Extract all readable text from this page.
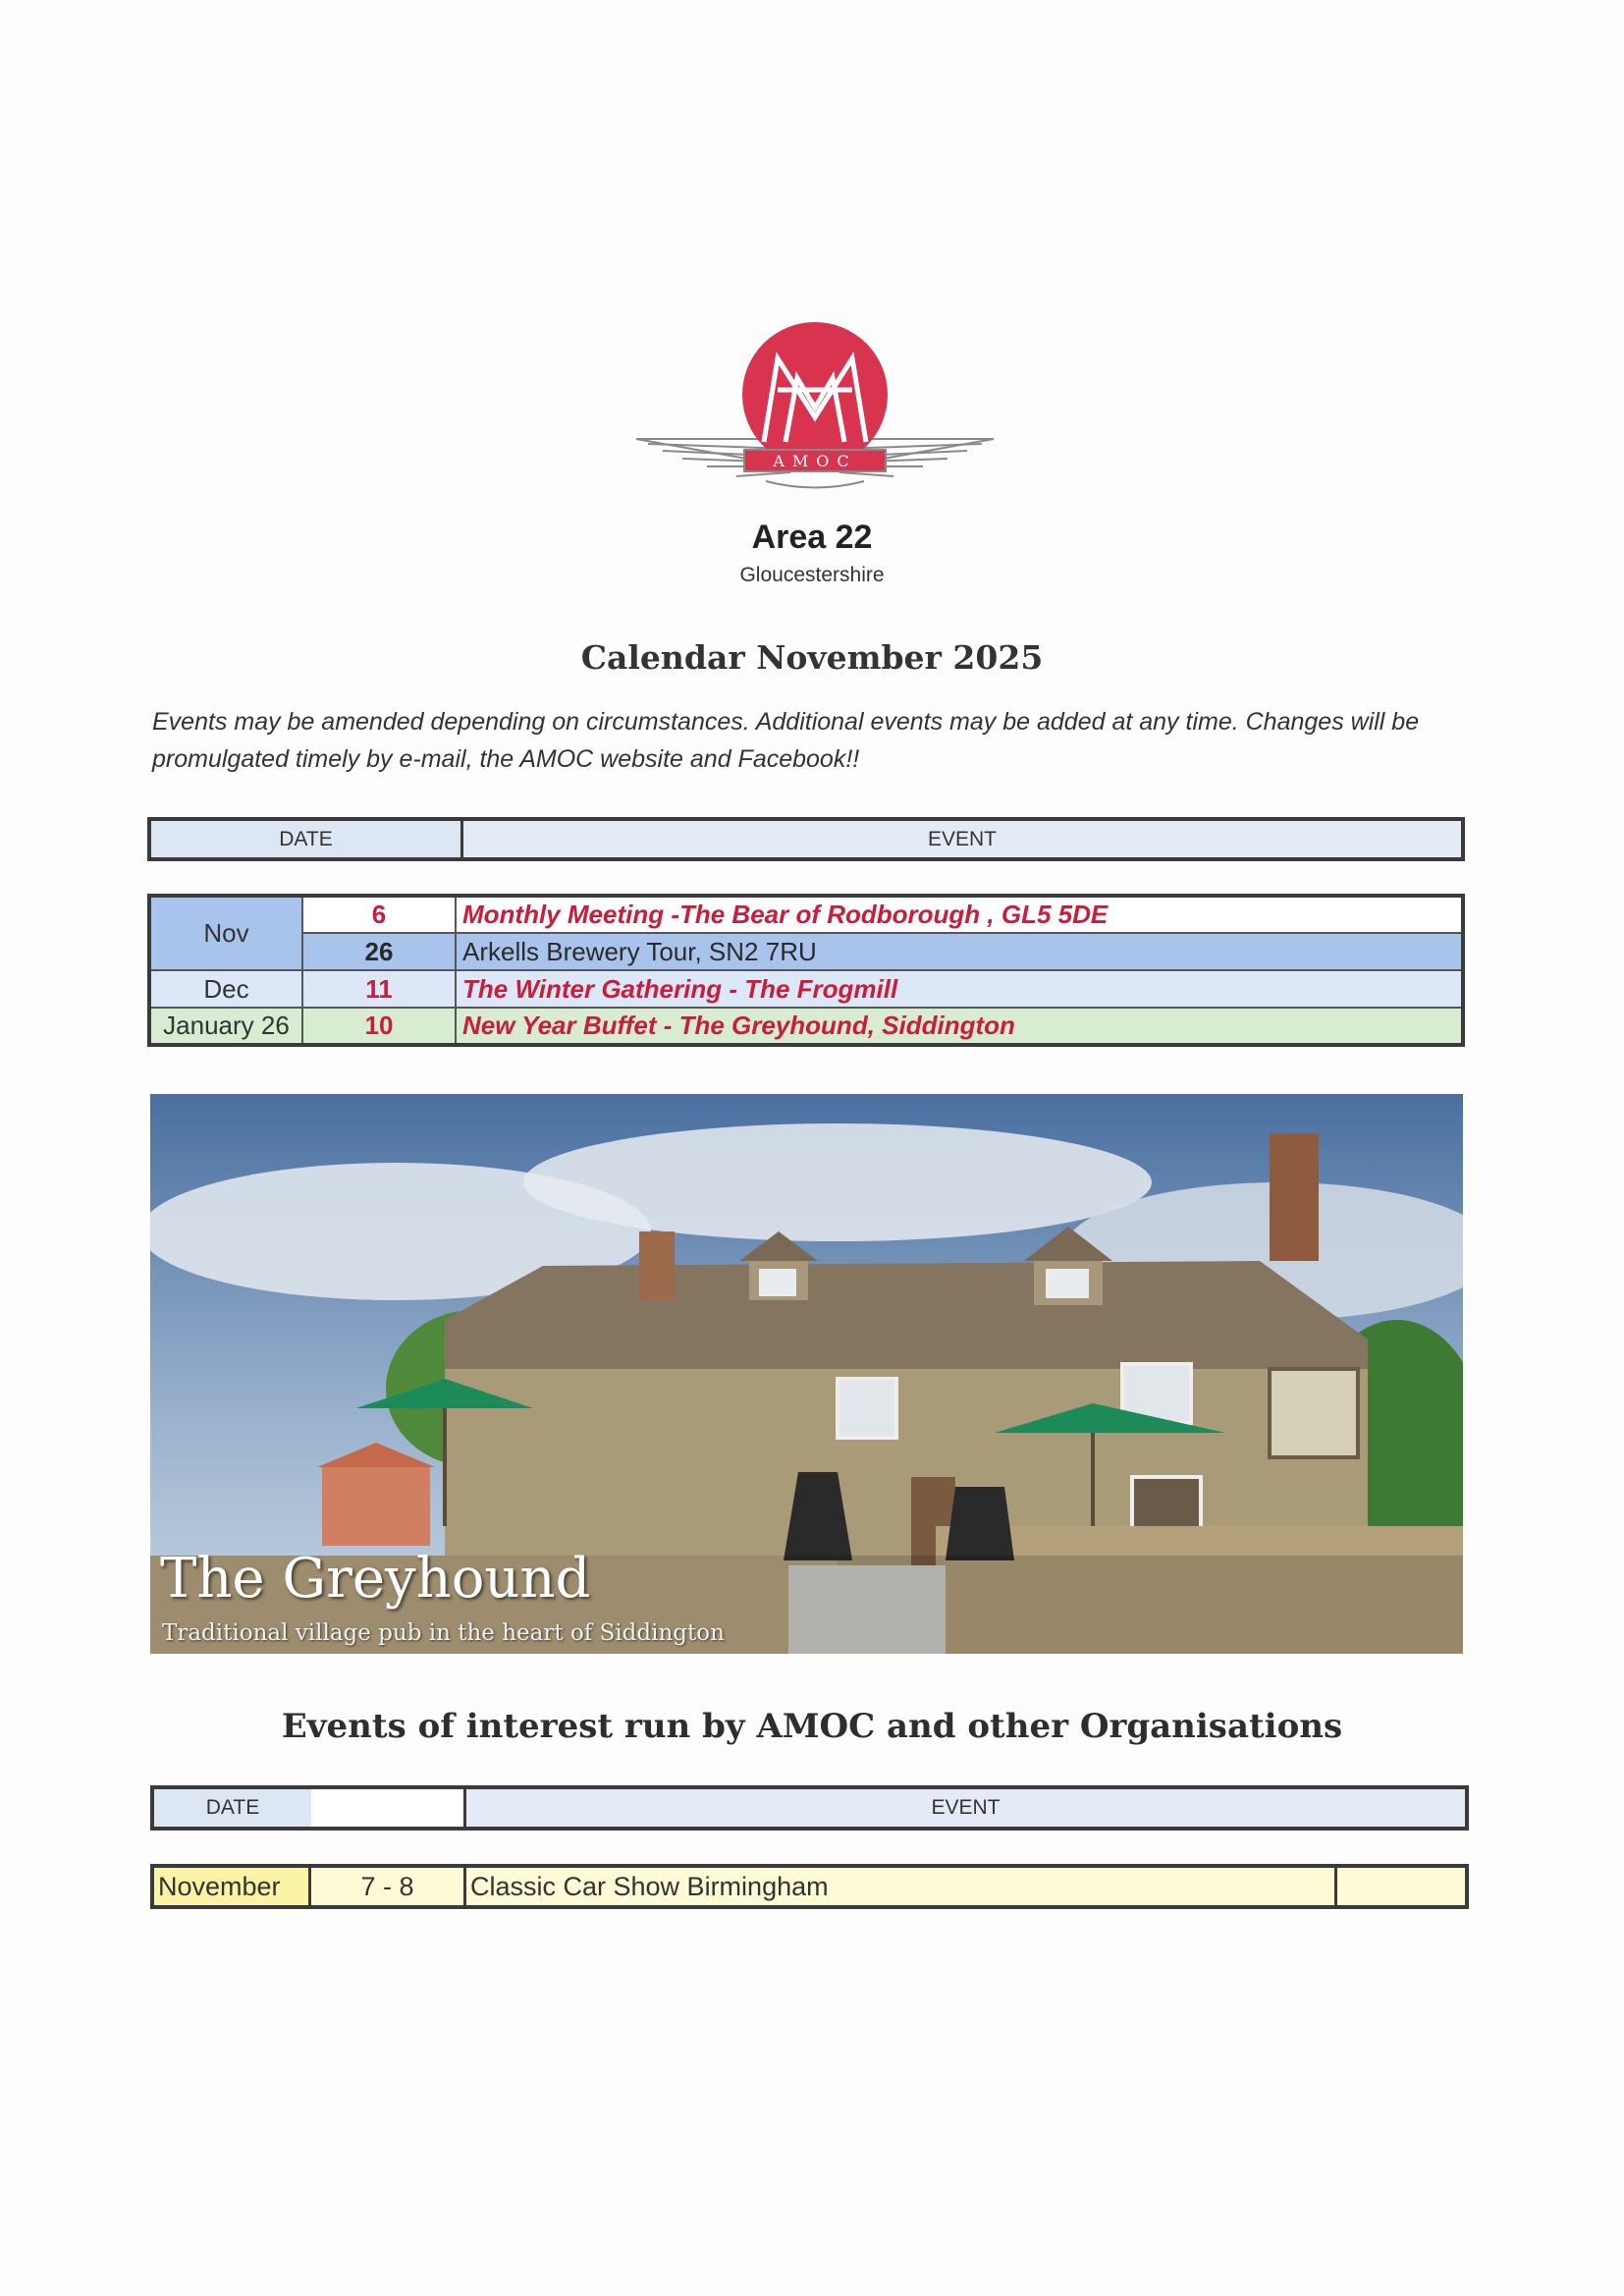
AMOC
Area 22
Gloucestershire
Calendar November 2025
Events may be amended depending on circumstances. Additional events may be added at any time. Changes will be promulgated timely by e-mail, the AMOC website and Facebook!!
DATE	EVENT
Nov	6	Monthly Meeting -The Bear of Rodborough , GL5 5DE
	26	Arkells Brewery Tour, SN2 7RU
Dec	11	The Winter Gathering - The Frogmill
January 26	10	New Year Buffet - The Greyhound, Siddington
The Greyhound
Traditional village pub in the heart of Siddington
Events of interest run by AMOC and other Organisations
DATE	EVENT
November	7 - 8	Classic Car Show Birmingham
